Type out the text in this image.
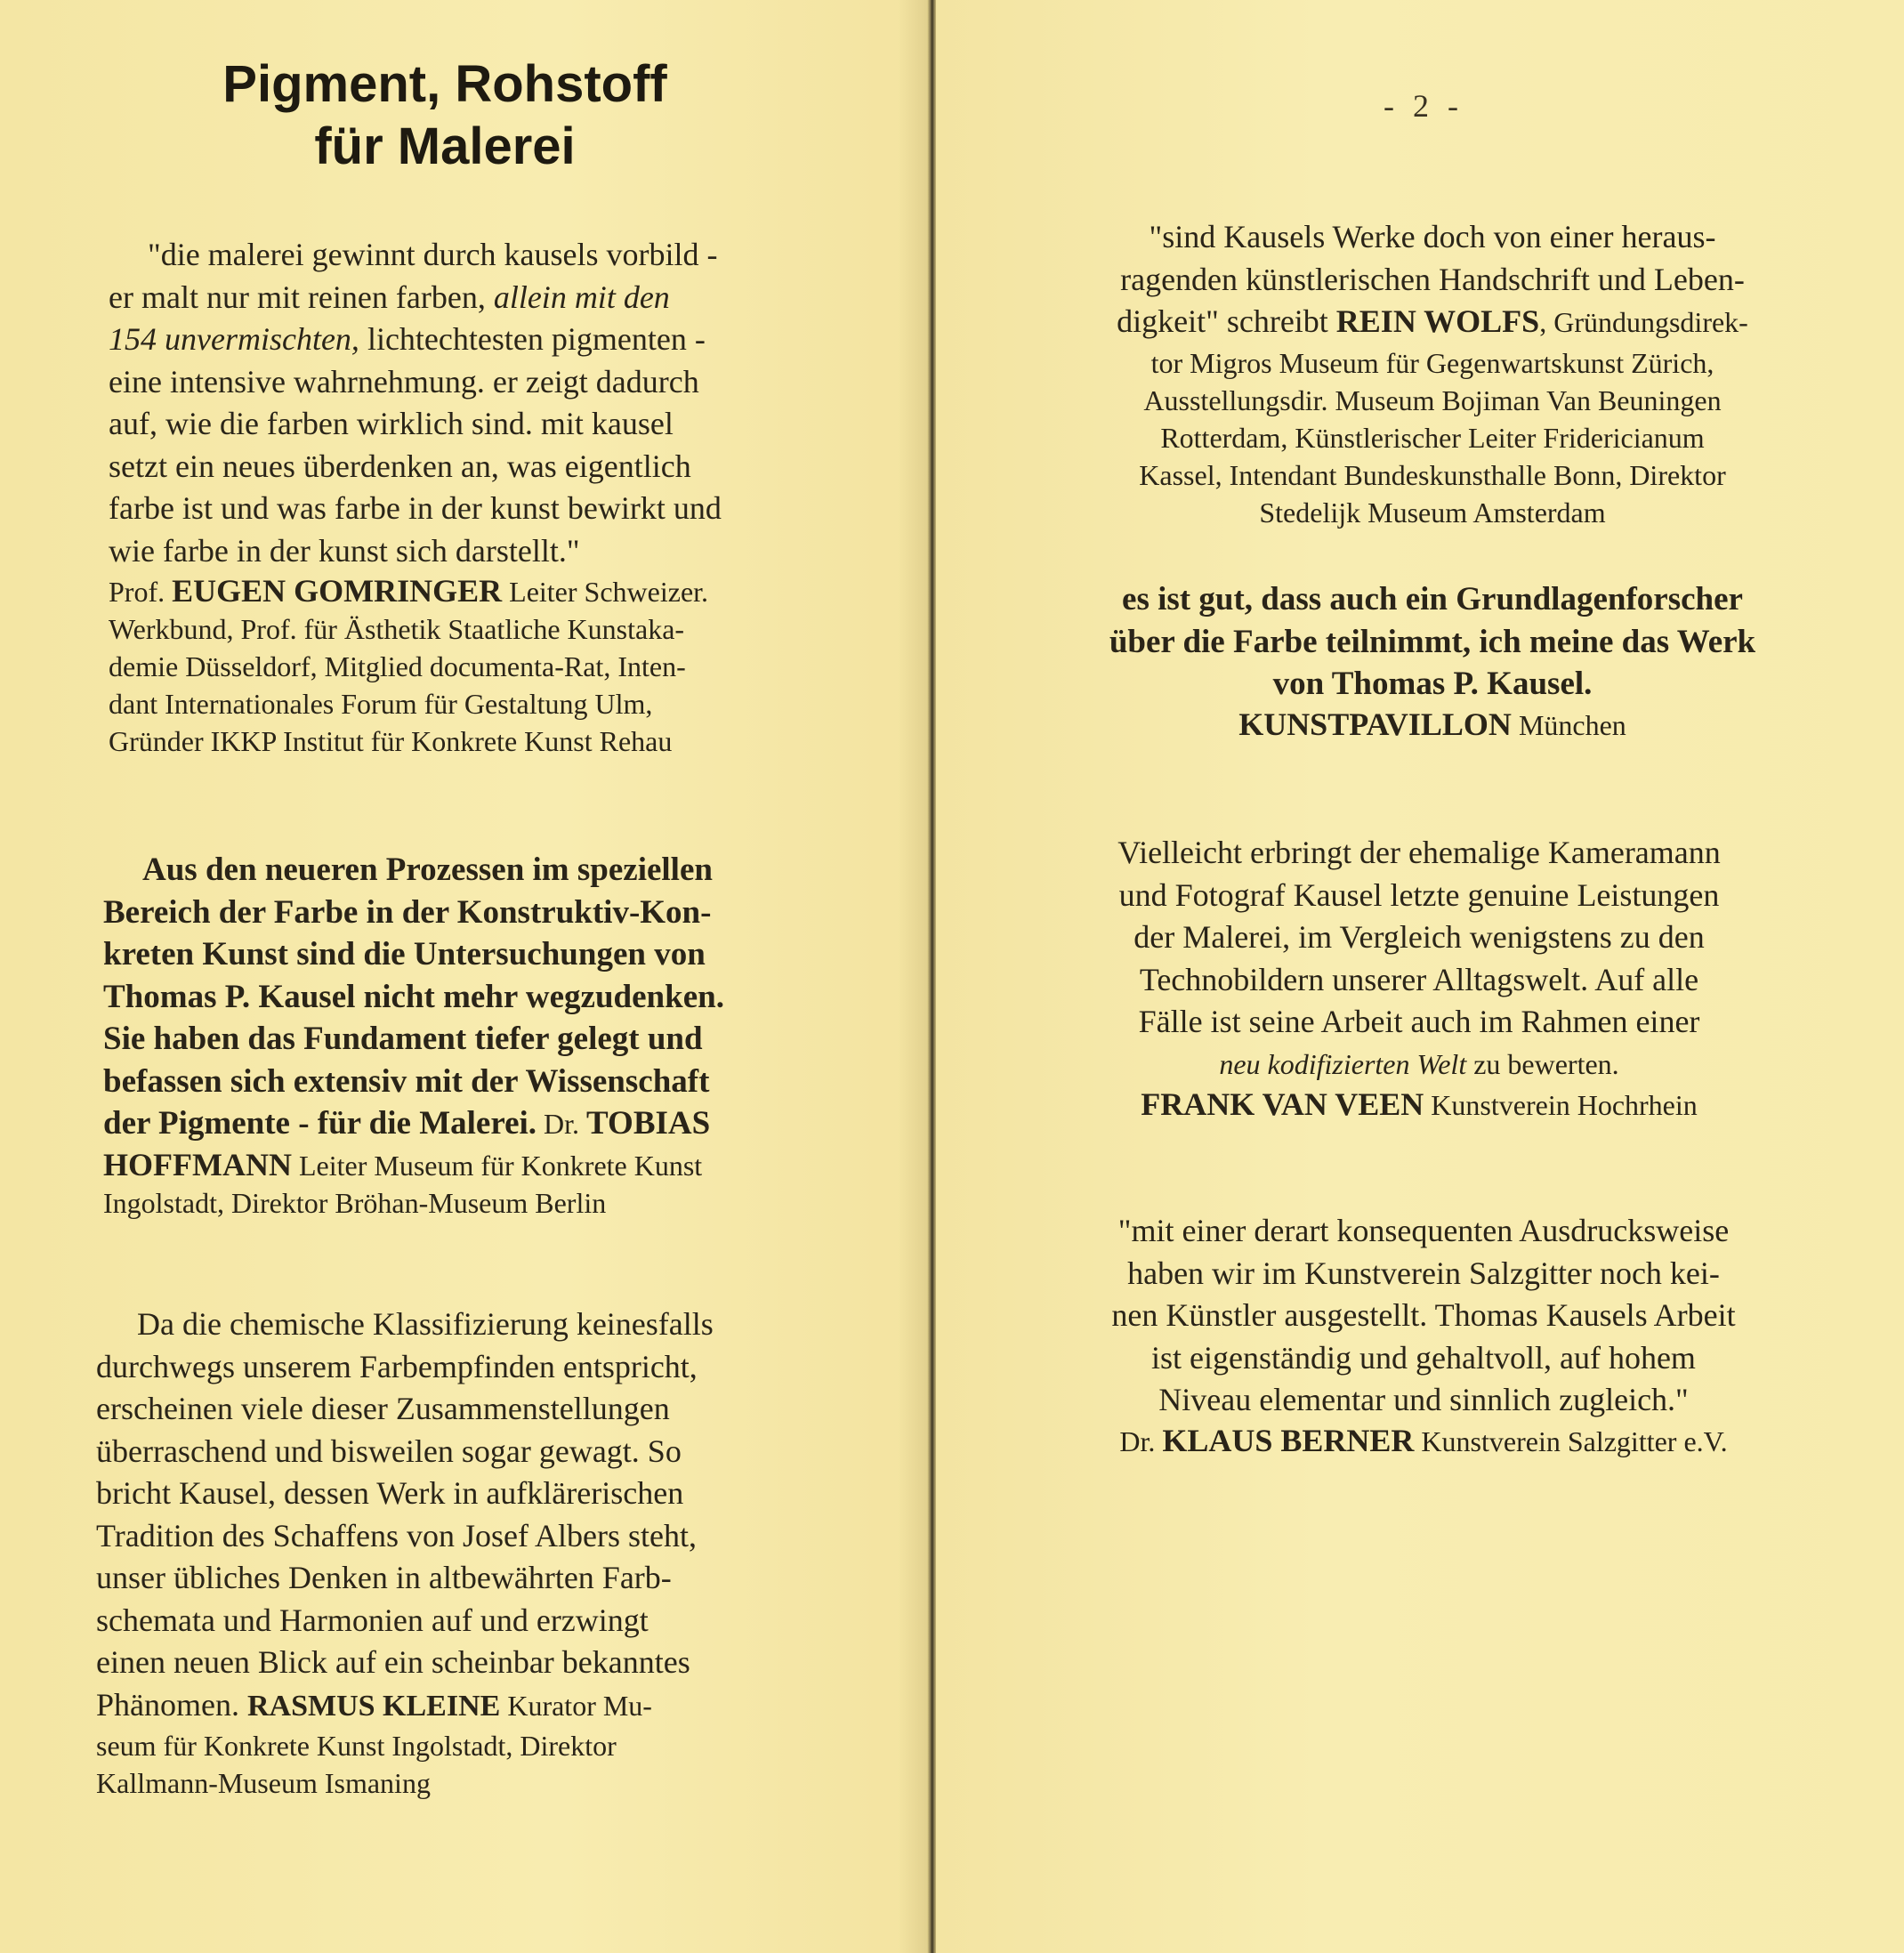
Pigment, Rohstoff
für Malerei
"die malerei gewinnt durch kausels vorbild -
er malt nur mit reinen farben, allein mit den
154 unvermischten, lichtechtesten pigmenten -
eine intensive wahrnehmung. er zeigt dadurch
auf, wie die farben wirklich sind. mit kausel
setzt ein neues überdenken an, was eigentlich
farbe ist und was farbe in der kunst bewirkt und
wie farbe in der kunst sich darstellt."
Prof. EUGEN GOMRINGER Leiter Schweizer.
Werkbund, Prof. für Ästhetik Staatliche Kunstaka-
demie Düsseldorf, Mitglied documenta-Rat, Inten-
dant Internationales Forum für Gestaltung Ulm,
Gründer IKKP Institut für Konkrete Kunst Rehau
Aus den neueren Prozessen im speziellen
Bereich der Farbe in der Konstruktiv-Kon-
kreten Kunst sind die Untersuchungen von
Thomas P. Kausel nicht mehr wegzudenken.
Sie haben das Fundament tiefer gelegt und
befassen sich extensiv mit der Wissenschaft
der Pigmente - für die Malerei. Dr. TOBIAS
HOFFMANN Leiter Museum für Konkrete Kunst
Ingolstadt, Direktor Bröhan-Museum Berlin
Da die chemische Klassifizierung keinesfalls
durchwegs unserem Farbempfinden entspricht,
erscheinen viele dieser Zusammenstellungen
überraschend und bisweilen sogar gewagt. So
bricht Kausel, dessen Werk in aufklärerischen
Tradition des Schaffens von Josef Albers steht,
unser übliches Denken in altbewährten Farb-
schemata und Harmonien auf und erzwingt
einen neuen Blick auf ein scheinbar bekanntes
Phänomen. RASMUS KLEINE Kurator Mu-
seum für Konkrete Kunst Ingolstadt, Direktor
Kallmann-Museum Ismaning
- 2 -
"sind Kausels Werke doch von einer heraus-
ragenden künstlerischen Handschrift und Leben-
digkeit" schreibt REIN WOLFS, Gründungsdirek-
tor Migros Museum für Gegenwartskunst Zürich,
Ausstellungsdir. Museum Bojiman Van Beuningen
Rotterdam, Künstlerischer Leiter Fridericianum
Kassel, Intendant Bundeskunsthalle Bonn, Direktor
Stedelijk Museum Amsterdam
es ist gut, dass auch ein Grundlagenforscher
über die Farbe teilnimmt, ich meine das Werk
von Thomas P. Kausel.
KUNSTPAVILLON München
Vielleicht erbringt der ehemalige Kameramann
und Fotograf Kausel letzte genuine Leistungen
der Malerei, im Vergleich wenigstens zu den
Technobildern unserer Alltagswelt. Auf alle
Fälle ist seine Arbeit auch im Rahmen einer
neu kodifizierten Welt zu bewerten.
FRANK VAN VEEN Kunstverein Hochrhein
"mit einer derart konsequenten Ausdrucksweise
haben wir im Kunstverein Salzgitter noch kei-
nen Künstler ausgestellt. Thomas Kausels Arbeit
ist eigenständig und gehaltvoll, auf hohem
Niveau elementar und sinnlich zugleich."
Dr. KLAUS BERNER Kunstverein Salzgitter e.V.
